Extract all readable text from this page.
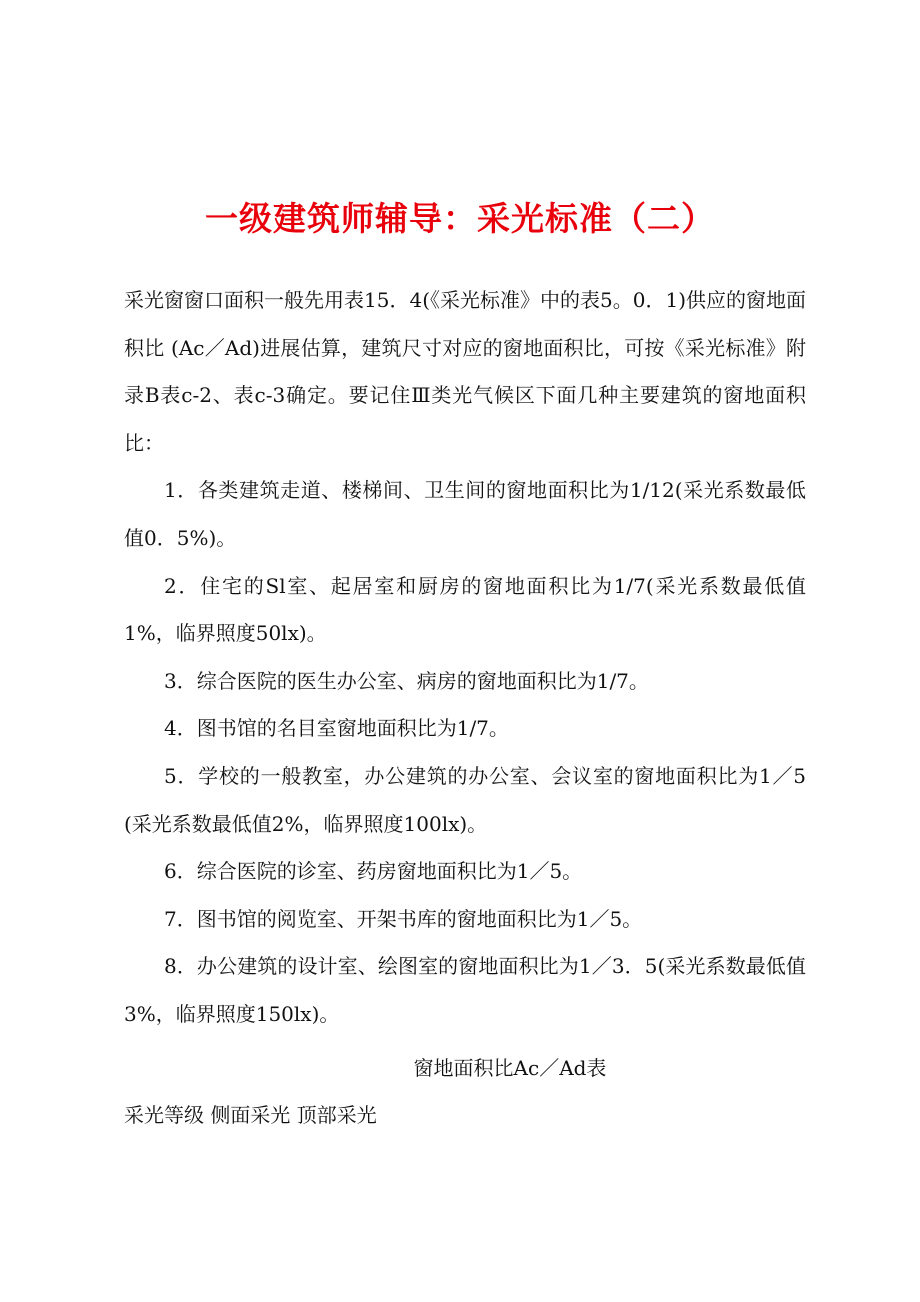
一级建筑师辅导：采光标准（二）

采光窗窗口面积一般先用表15．4(《采光标准》中的表5。0．1)供应的窗地面积比 (Ac／Ad)进展估算，建筑尺寸对应的窗地面积比，可按《采光标准》附录B表c-2、表c-3确定。要记住Ⅲ类光气候区下面几种主要建筑的窗地面积比：

1．各类建筑走道、楼梯间、卫生间的窗地面积比为1/12(采光系数最低值0．5%)。

2．住宅的Sl室、起居室和厨房的窗地面积比为1/7(采光系数最低值1%，临界照度50lx)。

3．综合医院的医生办公室、病房的窗地面积比为1/7。

4．图书馆的名目室窗地面积比为1/7。

5．学校的一般教室，办公建筑的办公室、会议室的窗地面积比为1／5(采光系数最低值2%，临界照度100lx)。

6．综合医院的诊室、药房窗地面积比为1／5。

7．图书馆的阅览室、开架书库的窗地面积比为1／5。

8．办公建筑的设计室、绘图室的窗地面积比为1／3．5(采光系数最低值3%，临界照度150lx)。

窗地面积比Ac／Ad表
采光等级 侧面采光 顶部采光
